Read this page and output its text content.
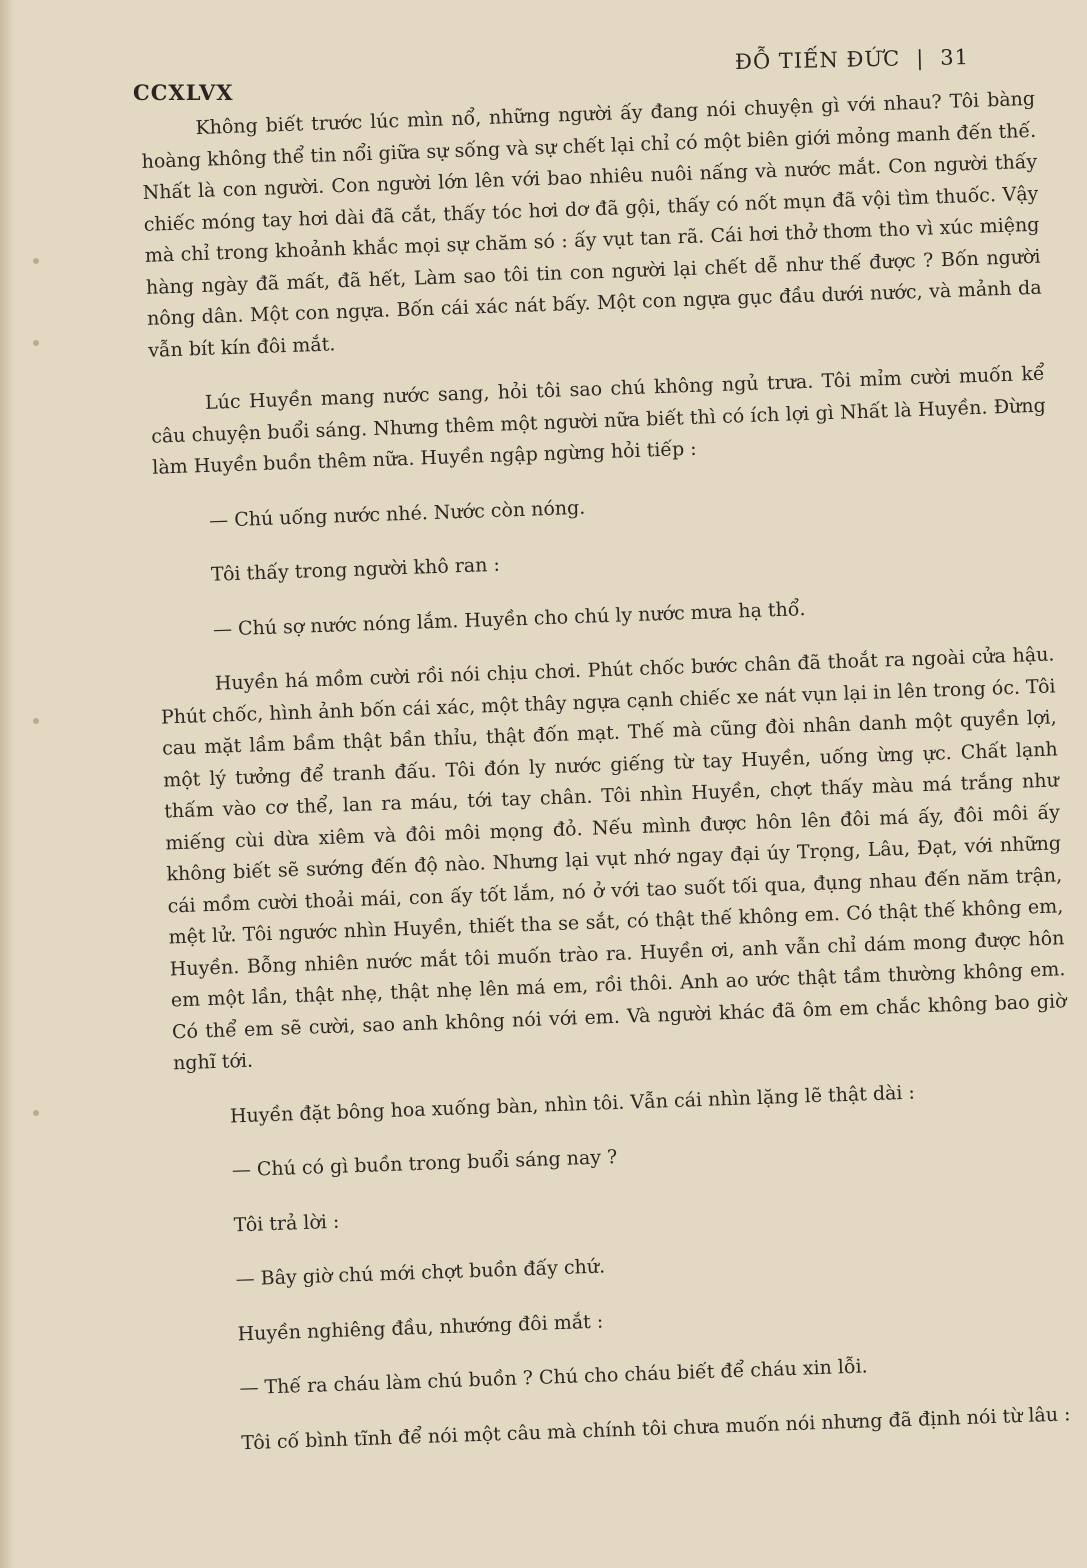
CCXLVX
ĐỖ TIẾN ĐỨC | 31

Không biết trước lúc mìn nổ, những người ấy đang nói chuyện gì với nhau? Tôi bàng hoàng không thể tin nổi giữa sự sống và sự chết lại chỉ có một biên giới mỏng manh đến thế. Nhất là con người. Con người lớn lên với bao nhiêu nuôi nấng và nước mắt. Con người thấy chiếc móng tay hơi dài đã cắt, thấy tóc hơi dơ đã gội, thấy có nốt mụn đã vội tìm thuốc. Vậy mà chỉ trong khoảnh khắc mọi sự chăm só : ấy vụt tan rã. Cái hơi thở thơm tho vì xúc miệng hàng ngày đã mất, đã hết, Làm sao tôi tin con người lại chết dễ như thế được ? Bốn người nông dân. Một con ngựa. Bốn cái xác nát bấy. Một con ngựa gục đầu dưới nước, và mảnh da vẫn bít kín đôi mắt.

Lúc Huyền mang nước sang, hỏi tôi sao chú không ngủ trưa. Tôi mỉm cười muốn kể câu chuyện buổi sáng. Nhưng thêm một người nữa biết thì có ích lợi gì Nhất là Huyền. Đừng làm Huyền buồn thêm nữa. Huyền ngập ngừng hỏi tiếp :

— Chú uống nước nhé. Nước còn nóng.

Tôi thấy trong người khô ran :

— Chú sợ nước nóng lắm. Huyền cho chú ly nước mưa hạ thổ.

Huyền há mồm cười rồi nói chịu chơi. Phút chốc bước chân đã thoắt ra ngoài cửa hậu. Phút chốc, hình ảnh bốn cái xác, một thây ngựa cạnh chiếc xe nát vụn lại in lên trong óc. Tôi cau mặt lầm bầm thật bần thỉu, thật đốn mạt. Thế mà cũng đòi nhân danh một quyền lợi, một lý tưởng để tranh đấu. Tôi đón ly nước giếng từ tay Huyền, uống ừng ực. Chất lạnh thấm vào cơ thể, lan ra máu, tới tay chân. Tôi nhìn Huyền, chợt thấy màu má trắng như miếng cùi dừa xiêm và đôi môi mọng đỏ. Nếu mình được hôn lên đôi má ấy, đôi môi ấy không biết sẽ sướng đến độ nào. Nhưng lại vụt nhớ ngay đại úy Trọng, Lâu, Đạt, với những cái mồm cười thoải mái, con ấy tốt lắm, nó ở với tao suốt tối qua, đụng nhau đến năm trận, mệt lử. Tôi ngước nhìn Huyền, thiết tha se sắt, có thật thế không em. Có thật thế không em, Huyền. Bỗng nhiên nước mắt tôi muốn trào ra. Huyền ơi, anh vẫn chỉ dám mong được hôn em một lần, thật nhẹ, thật nhẹ lên má em, rồi thôi. Anh ao ước thật tầm thường không em. Có thể em sẽ cười, sao anh không nói với em. Và người khác đã ôm em chắc không bao giờ nghĩ tới.

Huyền đặt bông hoa xuống bàn, nhìn tôi. Vẫn cái nhìn lặng lẽ thật dài :

— Chú có gì buồn trong buổi sáng nay ?

Tôi trả lời :

— Bây giờ chú mới chợt buồn đấy chứ.

Huyền nghiêng đầu, nhướng đôi mắt :

— Thế ra cháu làm chú buồn ? Chú cho cháu biết để cháu xin lỗi.

Tôi cố bình tĩnh để nói một câu mà chính tôi chưa muốn nói nhưng đã định nói từ lâu :
